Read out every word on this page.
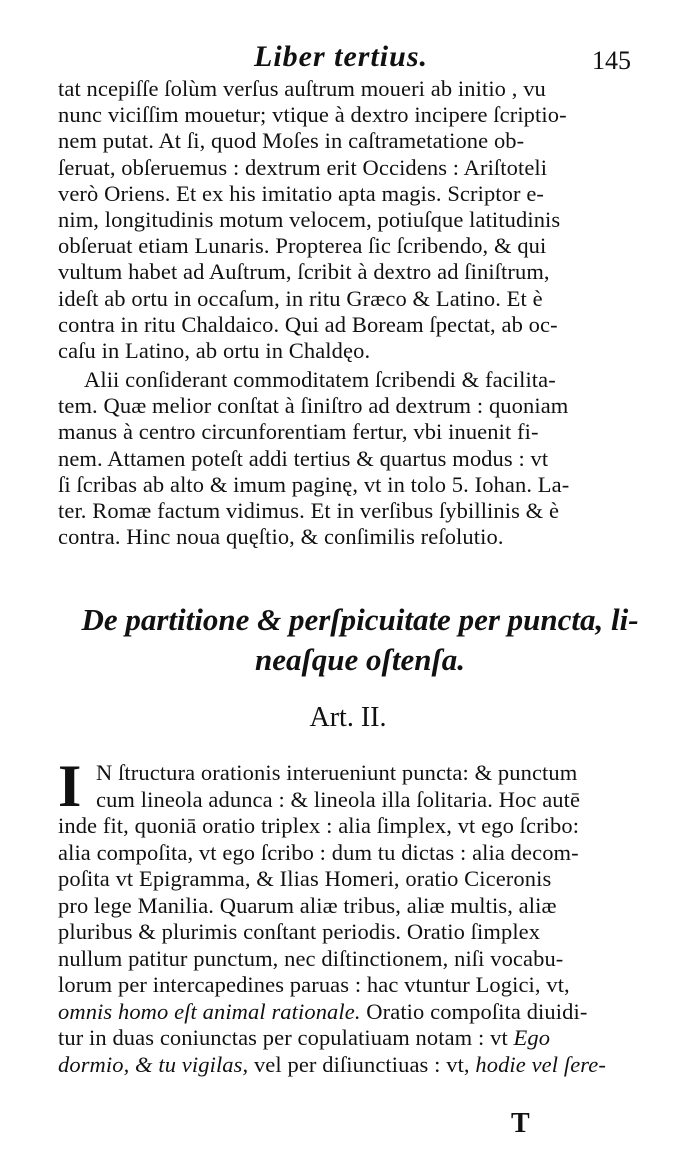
Liber tertius.	145

tat ncepiſſe ſolùm verſus auſtrum moueri ab initio , vu
nunc viciſſim mouetur; vtique à dextro incipere ſcriptio-
nem putat. At ſi, quod Moſes in caſtrametatione ob-
ſeruat, obſeruemus : dextrum erit Occidens : Ariſtoteli
verò Oriens. Et ex his imitatio apta magis. Scriptor e-
nim, longitudinis motum velocem, potiuſque latitudinis
obſeruat etiam Lunaris. Propterea ſic ſcribendo, & qui
vultum habet ad Auſtrum, ſcribit à dextro ad ſiniſtrum,
ideſt ab ortu in occaſum, in ritu Græco & Latino. Et è
contra in ritu Chaldaico. Qui ad Boream ſpectat, ab oc-
caſu in Latino, ab ortu in Chaldęo.

Alii conſiderant commoditatem ſcribendi & facilita-
tem. Quæ melior conſtat à ſiniſtro ad dextrum : quoniam
manus à centro circunforentiam fertur, vbi inuenit fi-
nem. Attamen poteſt addi tertius & quartus modus : vt
ſi ſcribas ab alto & imum paginę, vt in tolo 5. Iohan. La-
ter. Romæ factum vidimus. Et in verſibus ſybillinis & è
contra. Hinc noua quęſtio, & conſimilis reſolutio.

De partitione & perſpicuitate per puncta, li-
neaſque oſtenſa.
Art. II.
I N ſtructura orationis interueniunt puncta: & punctum
cum lineola adunca : & lineola illa ſolitaria. Hoc autē
inde fit, quoniā oratio triplex : alia ſimplex, vt ego ſcribo:
alia compoſita, vt ego ſcribo : dum tu dictas : alia decom-
poſita vt Epigramma, & Ilias Homeri, oratio Ciceronis
pro lege Manilia. Quarum aliæ tribus, aliæ multis, aliæ
pluribus & plurimis conſtant periodis. Oratio ſimplex
nullum patitur punctum, nec diſtinctionem, niſi vocabu-
lorum per intercapedines paruas : hac vtuntur Logici, vt,
omnis homo eſt animal rationale. Oratio compoſita diuidi-
tur in duas coniunctas per copulatiuam notam : vt Ego
dormio, & tu vigilas, vel per diſiunctiuas : vt, hodie vel ſere-
T
